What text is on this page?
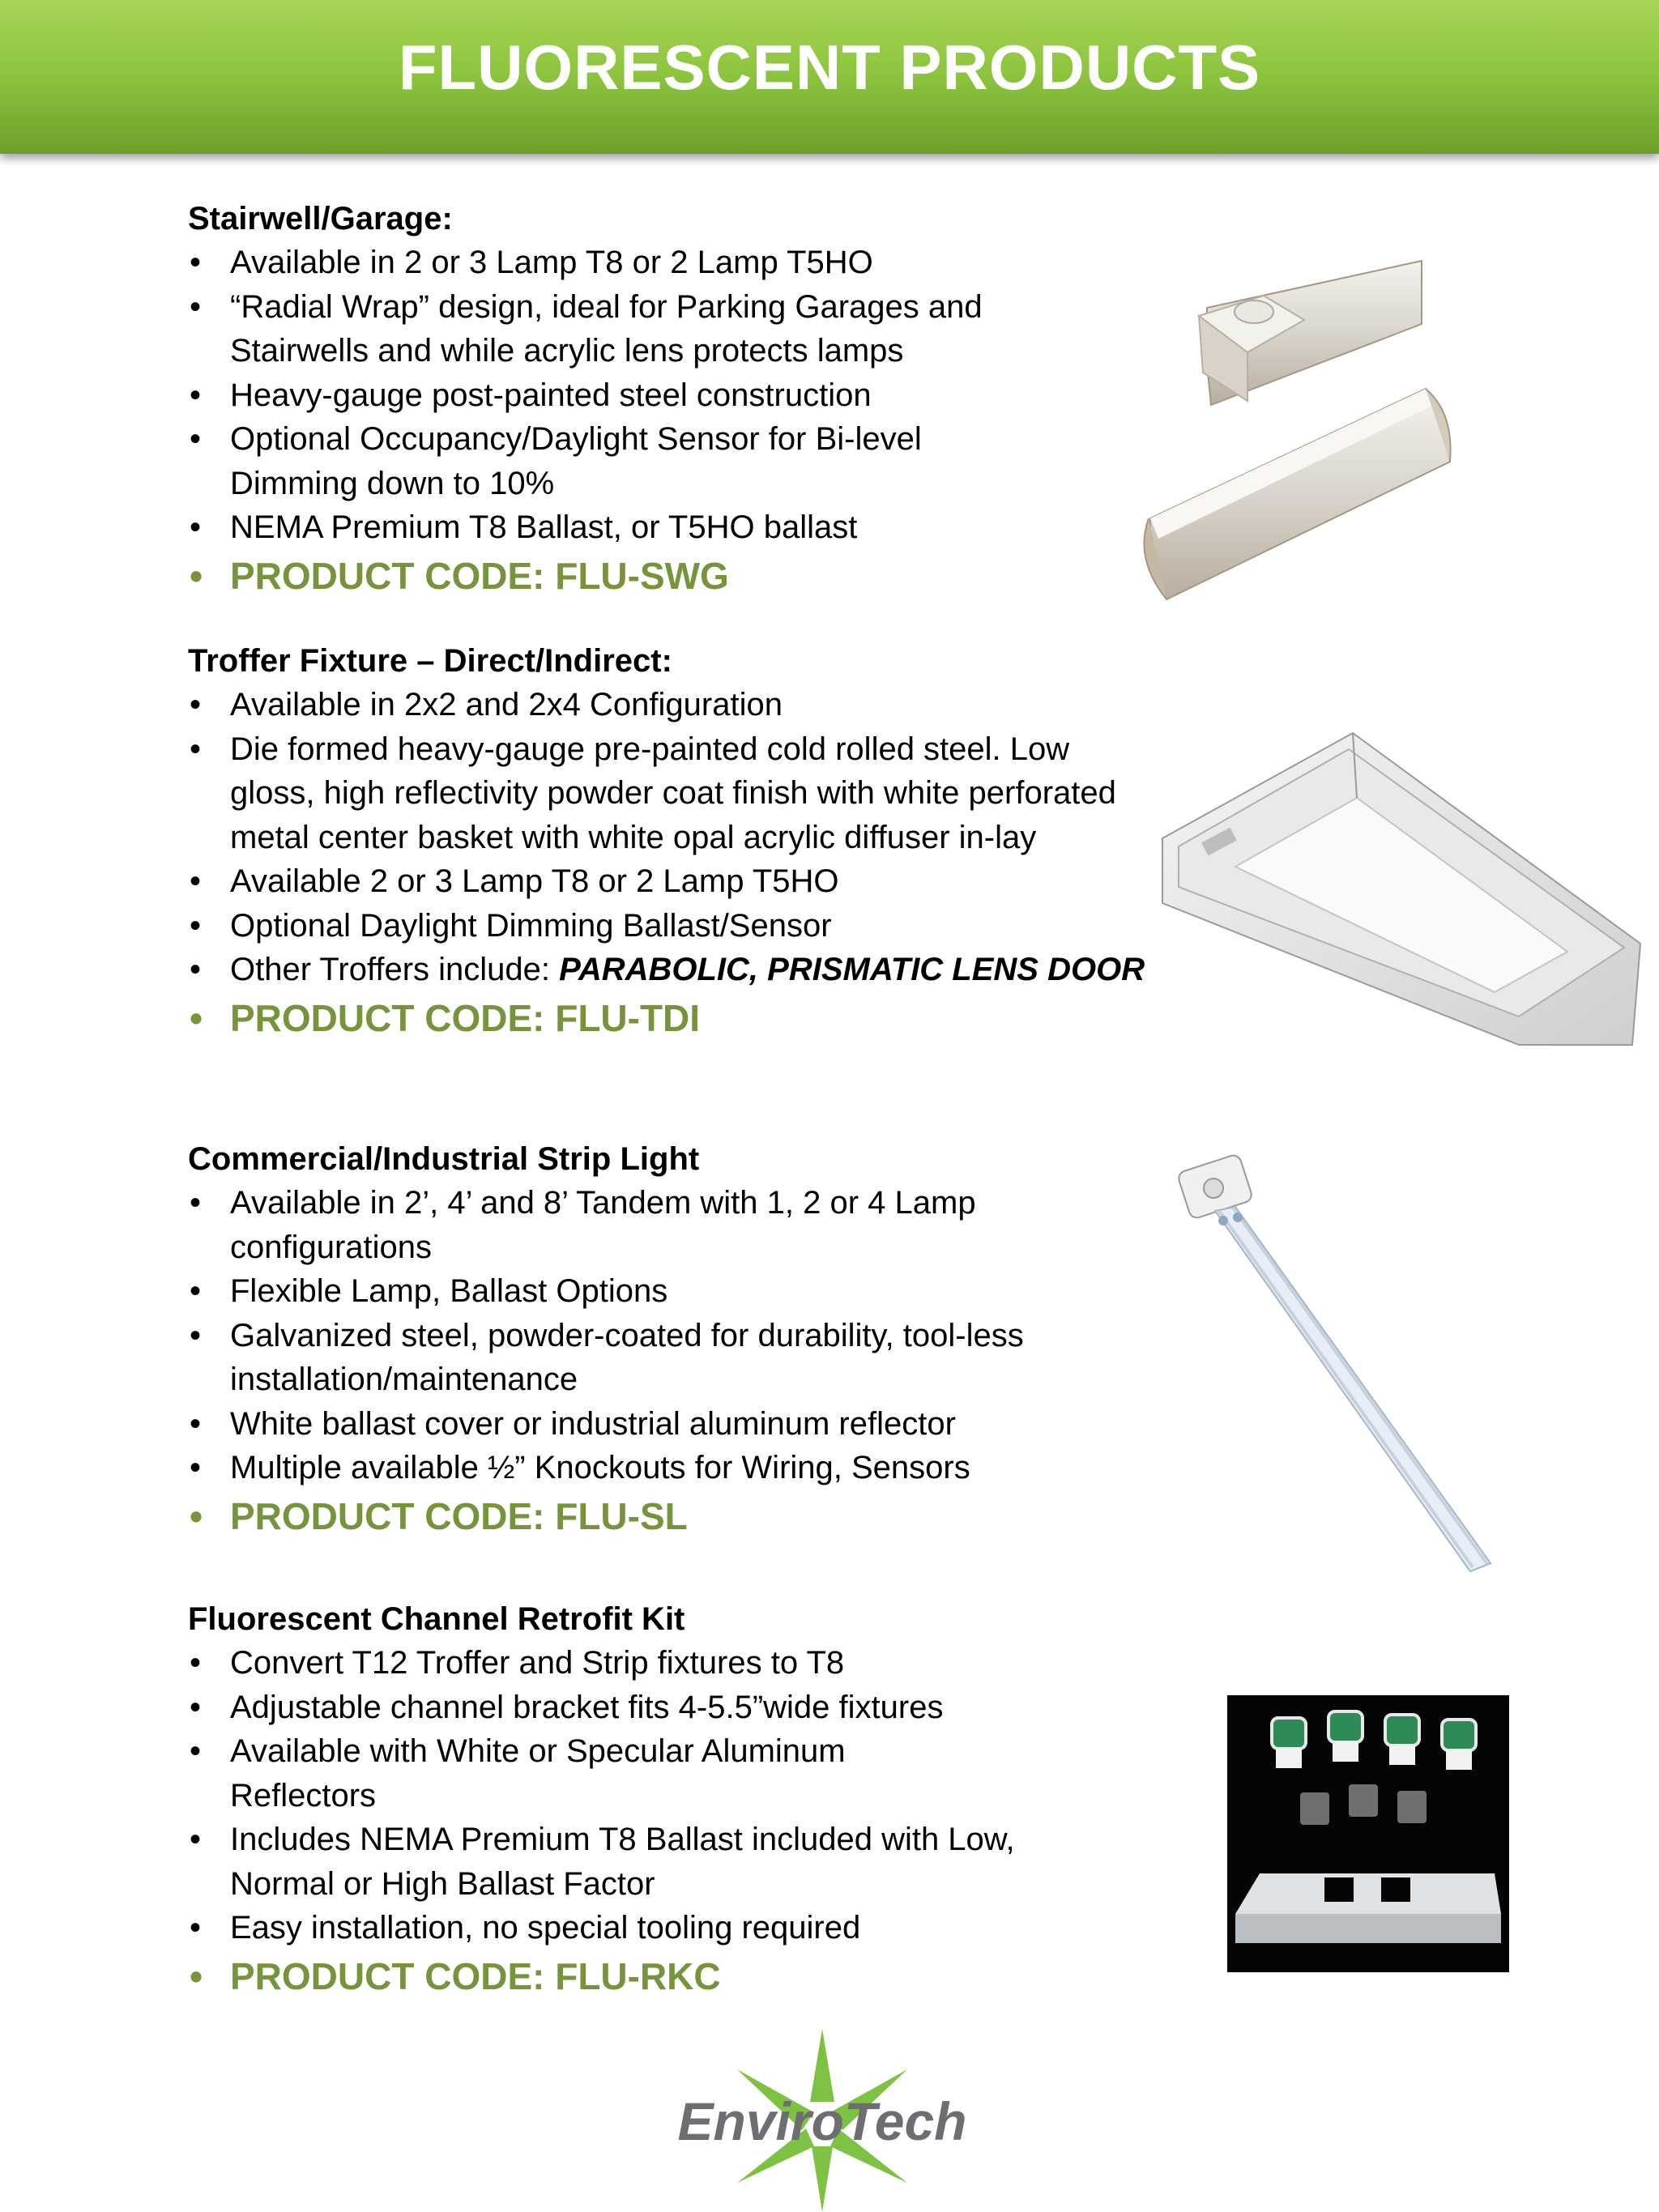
FLUORESCENT PRODUCTS
Stairwell/Garage:
• Available in 2 or 3 Lamp T8 or 2 Lamp T5HO
• “Radial Wrap” design, ideal for Parking Garages and Stairwells and while acrylic lens protects lamps
• Heavy-gauge post-painted steel construction
• Optional Occupancy/Daylight Sensor for Bi-level Dimming down to 10%
• NEMA Premium T8 Ballast, or T5HO ballast
• PRODUCT CODE: FLU-SWG
Troffer Fixture – Direct/Indirect:
• Available in 2x2 and 2x4 Configuration
• Die formed heavy-gauge pre-painted cold rolled steel. Low gloss, high reflectivity powder coat finish with white perforated metal center basket with white opal acrylic diffuser in-lay
• Available 2 or 3 Lamp T8 or 2 Lamp T5HO
• Optional Daylight Dimming Ballast/Sensor
• Other Troffers include: PARABOLIC, PRISMATIC LENS DOOR
• PRODUCT CODE: FLU-TDI
Commercial/Industrial Strip Light
• Available in 2’, 4’ and 8’ Tandem with 1, 2 or 4 Lamp configurations
• Flexible Lamp, Ballast Options
• Galvanized steel, powder-coated for durability, tool-less installation/maintenance
• White ballast cover or industrial aluminum reflector
• Multiple available ½” Knockouts for Wiring, Sensors
• PRODUCT CODE: FLU-SL
Fluorescent Channel Retrofit Kit
• Convert T12 Troffer and Strip fixtures to T8
• Adjustable channel bracket fits 4-5.5”wide fixtures
• Available with White or Specular Aluminum Reflectors
• Includes NEMA Premium T8 Ballast included with Low, Normal or High Ballast Factor
• Easy installation, no special tooling required
• PRODUCT CODE: FLU-RKC
EnviroTech
